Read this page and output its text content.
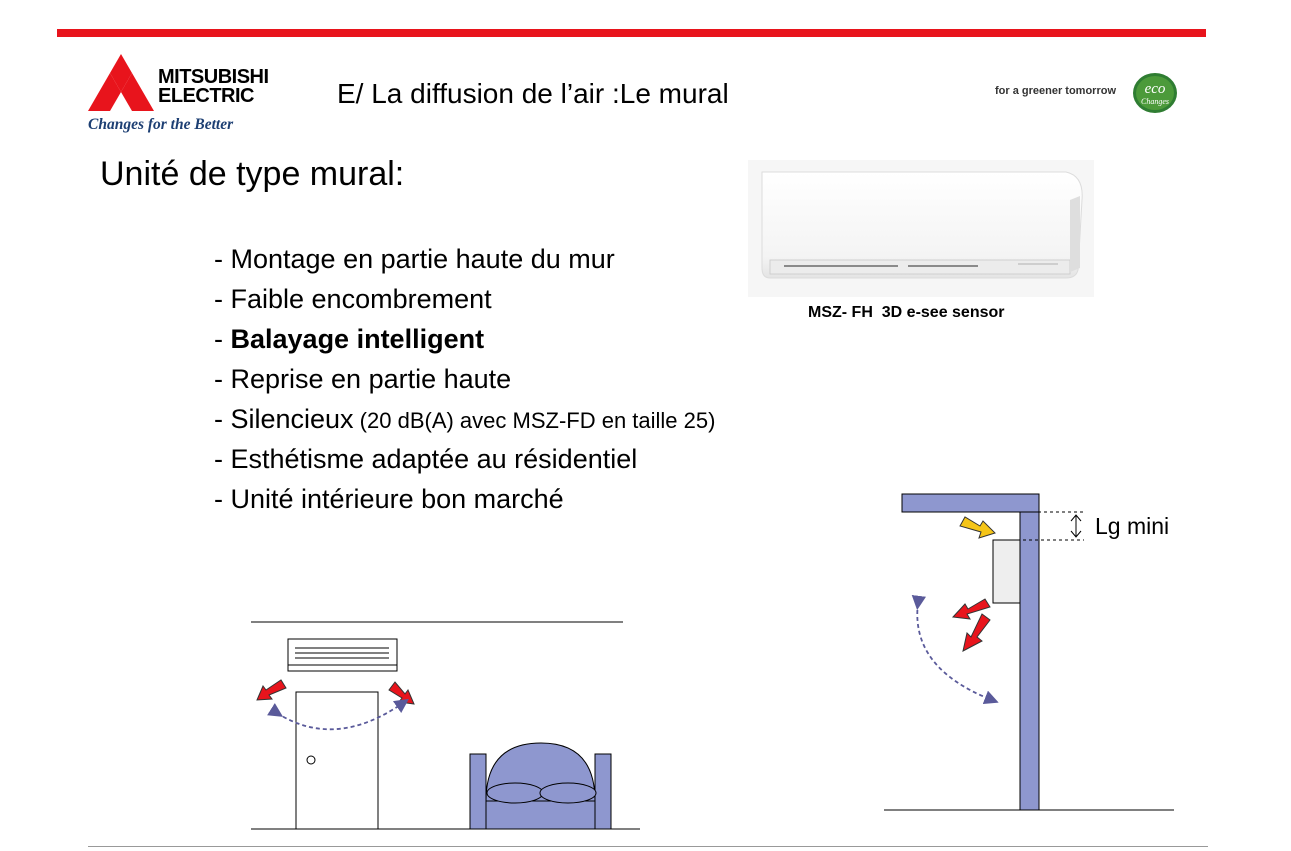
MITSUBISHI
ELECTRIC
Changes for the Better
E/ La diffusion de l’air :Le mural	for a greener tomorrow eco
Changes
Unité de type mural:
- Montage en partie haute du mur
- Faible encombrement
- Balayage intelligent
- Reprise en partie haute
- Silencieux (20 dB(A) avec MSZ-FD en taille 25)
- Esthétisme adaptée au résidentiel
- Unité intérieure bon marché
MSZ- FH  3D e-see sensor
Lg mini
